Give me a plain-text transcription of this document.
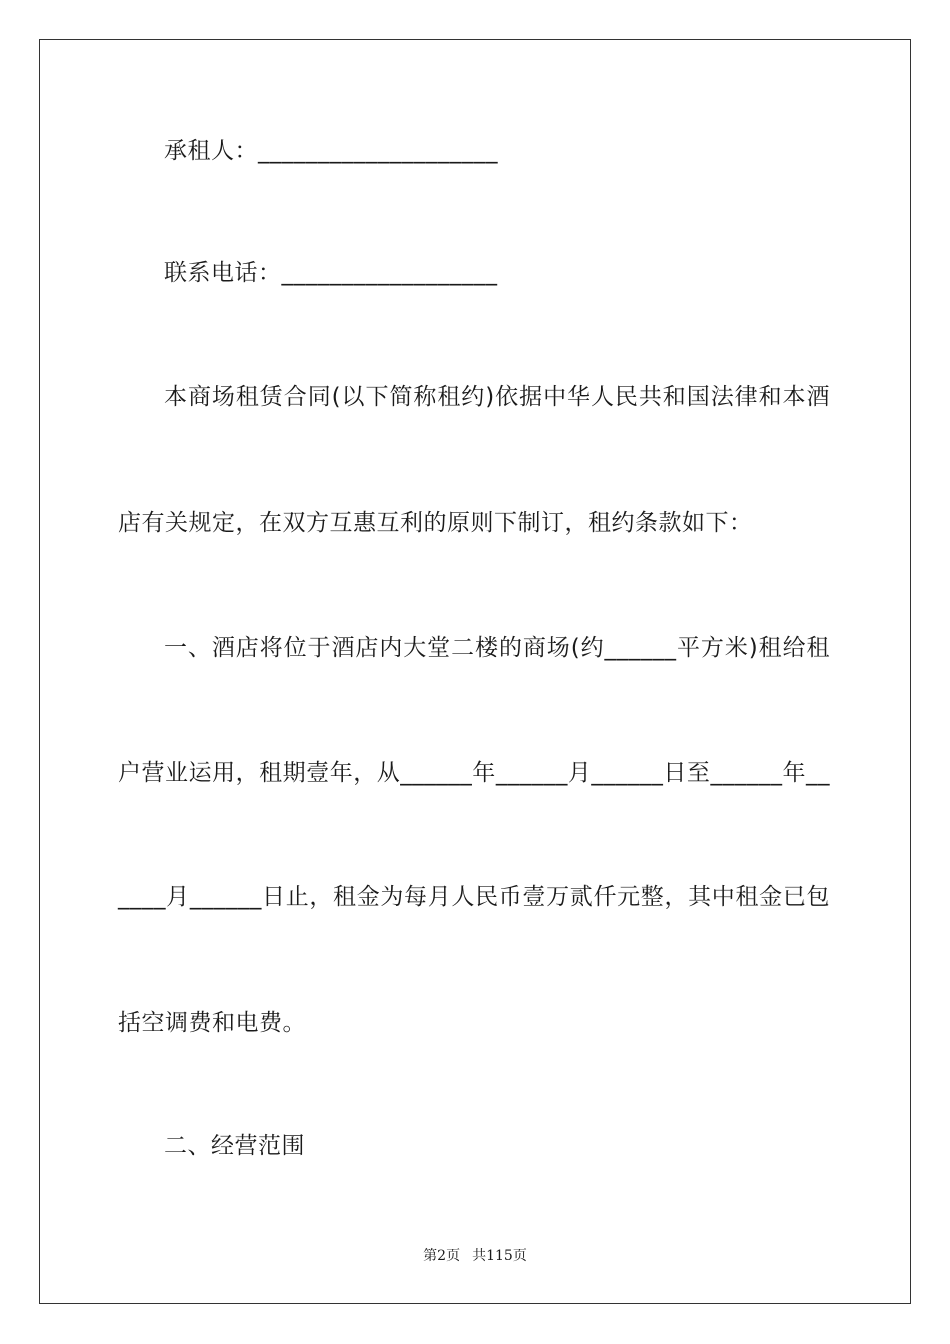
承租人：____________________
联系电话：__________________
本商场租赁合同(以下简称租约)依据中华人民共和国法律和本酒
店有关规定，在双方互惠互利的原则下制订，租约条款如下：
一、酒店将位于酒店内大堂二楼的商场(约______平方米)租给租
户营业运用，租期壹年，从______年______月______日至______年__
____月______日止，租金为每月人民币壹万贰仟元整，其中租金已包
括空调费和电费。
二、经营范围
第2页 共115页
